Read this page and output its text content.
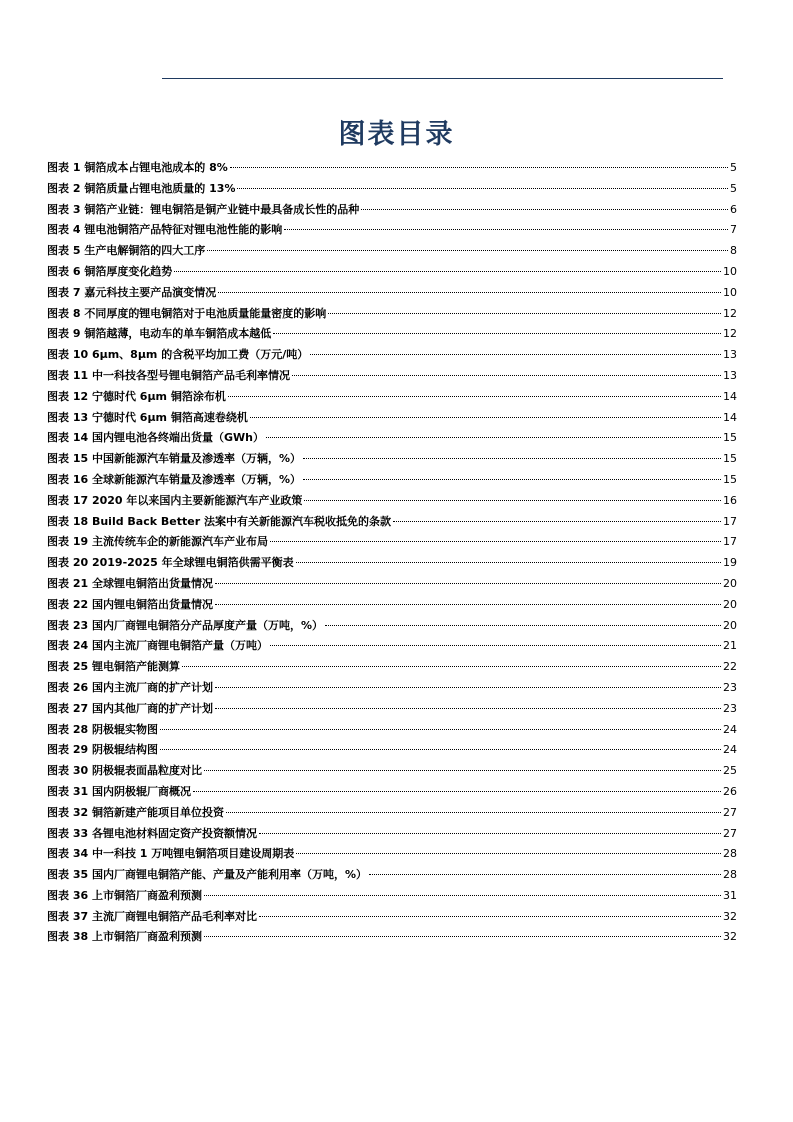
图表目录
图表 1 铜箔成本占锂电池成本的 8%	5
图表 2 铜箔质量占锂电池质量的 13%	5
图表 3 铜箔产业链：锂电铜箔是铜产业链中最具备成长性的品种	6
图表 4 锂电池铜箔产品特征对锂电池性能的影响	7
图表 5 生产电解铜箔的四大工序	8
图表 6 铜箔厚度变化趋势	10
图表 7 嘉元科技主要产品演变情况	10
图表 8 不同厚度的锂电铜箔对于电池质量能量密度的影响	12
图表 9 铜箔越薄，电动车的单车铜箔成本越低	12
图表 10 6μm、8μm 的含税平均加工费（万元/吨）	13
图表 11 中一科技各型号锂电铜箔产品毛利率情况	13
图表 12 宁德时代 6μm 铜箔涂布机	14
图表 13 宁德时代 6μm 铜箔高速卷绕机	14
图表 14 国内锂电池各终端出货量（GWh）	15
图表 15 中国新能源汽车销量及渗透率（万辆，%）	15
图表 16 全球新能源汽车销量及渗透率（万辆，%）	15
图表 17 2020 年以来国内主要新能源汽车产业政策	16
图表 18 Build Back Better 法案中有关新能源汽车税收抵免的条款	17
图表 19 主流传统车企的新能源汽车产业布局	17
图表 20 2019-2025 年全球锂电铜箔供需平衡表	19
图表 21 全球锂电铜箔出货量情况	20
图表 22 国内锂电铜箔出货量情况	20
图表 23 国内厂商锂电铜箔分产品厚度产量（万吨，%）	20
图表 24 国内主流厂商锂电铜箔产量（万吨）	21
图表 25 锂电铜箔产能测算	22
图表 26 国内主流厂商的扩产计划	23
图表 27 国内其他厂商的扩产计划	23
图表 28 阴极辊实物图	24
图表 29 阴极辊结构图	24
图表 30 阴极辊表面晶粒度对比	25
图表 31 国内阴极辊厂商概况	26
图表 32 铜箔新建产能项目单位投资	27
图表 33 各锂电池材料固定资产投资额情况	27
图表 34 中一科技 1 万吨锂电铜箔项目建设周期表	28
图表 35 国内厂商锂电铜箔产能、产量及产能利用率（万吨，%）	28
图表 36 上市铜箔厂商盈利预测	31
图表 37 主流厂商锂电铜箔产品毛利率对比	32
图表 38 上市铜箔厂商盈利预测	32
